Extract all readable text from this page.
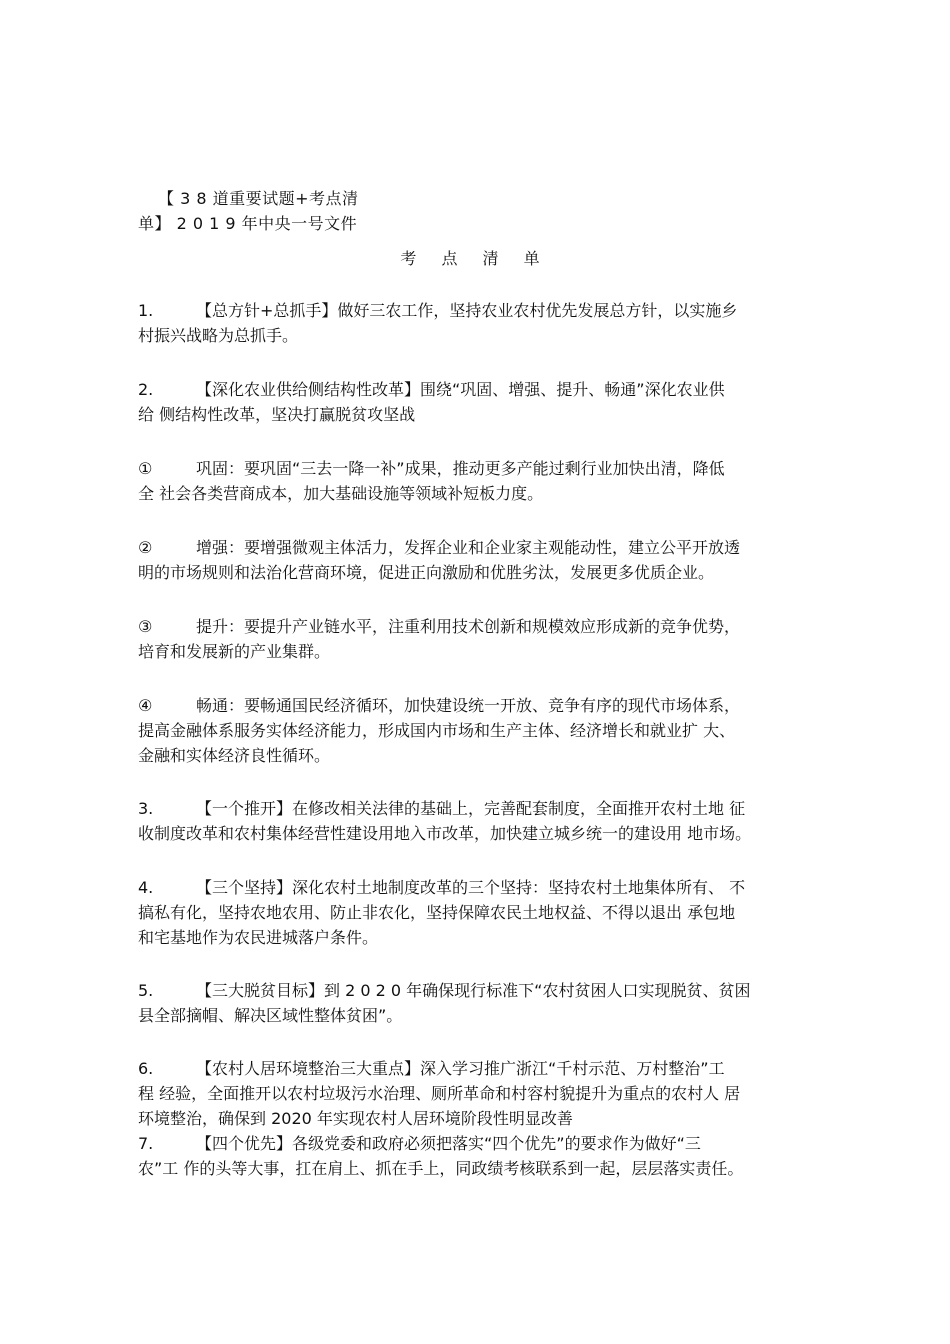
【 3 8 道重要试题+考点清
单】 2 0 1 9 年中央一号文件
考 点 清 单
1.	【总方针+总抓手】做好三农工作，坚持农业农村优先发展总方针，以实施乡
村振兴战略为总抓手。
2.	【深化农业供给侧结构性改革】围绕“巩固、增强、提升、畅通”深化农业供
给 侧结构性改革，坚决打赢脱贫攻坚战
①	巩固：要巩固“三去一降一补”成果，推动更多产能过剩行业加快出清，降低
全 社会各类营商成本，加大基础设施等领域补短板力度。
②	增强：要增强微观主体活力，发挥企业和企业家主观能动性，建立公平开放透
明的市场规则和法治化营商环境，促进正向激励和优胜劣汰，发展更多优质企业。
③	提升：要提升产业链水平，注重利用技术创新和规模效应形成新的竞争优势，
培育和发展新的产业集群。
④	畅通：要畅通国民经济循环，加快建设统一开放、竞争有序的现代市场体系，
提高金融体系服务实体经济能力，形成国内市场和生产主体、经济增长和就业扩 大、
金融和实体经济良性循环。
3.	【一个推开】在修改相关法律的基础上，完善配套制度，全面推开农村土地 征
收制度改革和农村集体经营性建设用地入市改革，加快建立城乡统一的建设用 地市场。
4.	【三个坚持】深化农村土地制度改革的三个坚持：坚持农村土地集体所有、 不
搞私有化，坚持农地农用、防止非农化，坚持保障农民土地权益、不得以退出 承包地
和宅基地作为农民进城落户条件。
5.	【三大脱贫目标】到 2 0 2 0 年确保现行标准下“农村贫困人口实现脱贫、贫困
县全部摘帽、解决区域性整体贫困”。
6.	【农村人居环境整治三大重点】深入学习推广浙江“千村示范、万村整治”工
程 经验，全面推开以农村垃圾污水治理、厕所革命和村容村貌提升为重点的农村人 居
环境整治，确保到 2020 年实现农村人居环境阶段性明显改善
7.	【四个优先】各级党委和政府必须把落实“四个优先”的要求作为做好“三
农”工 作的头等大事，扛在肩上、抓在手上，同政绩考核联系到一起，层层落实责任。
